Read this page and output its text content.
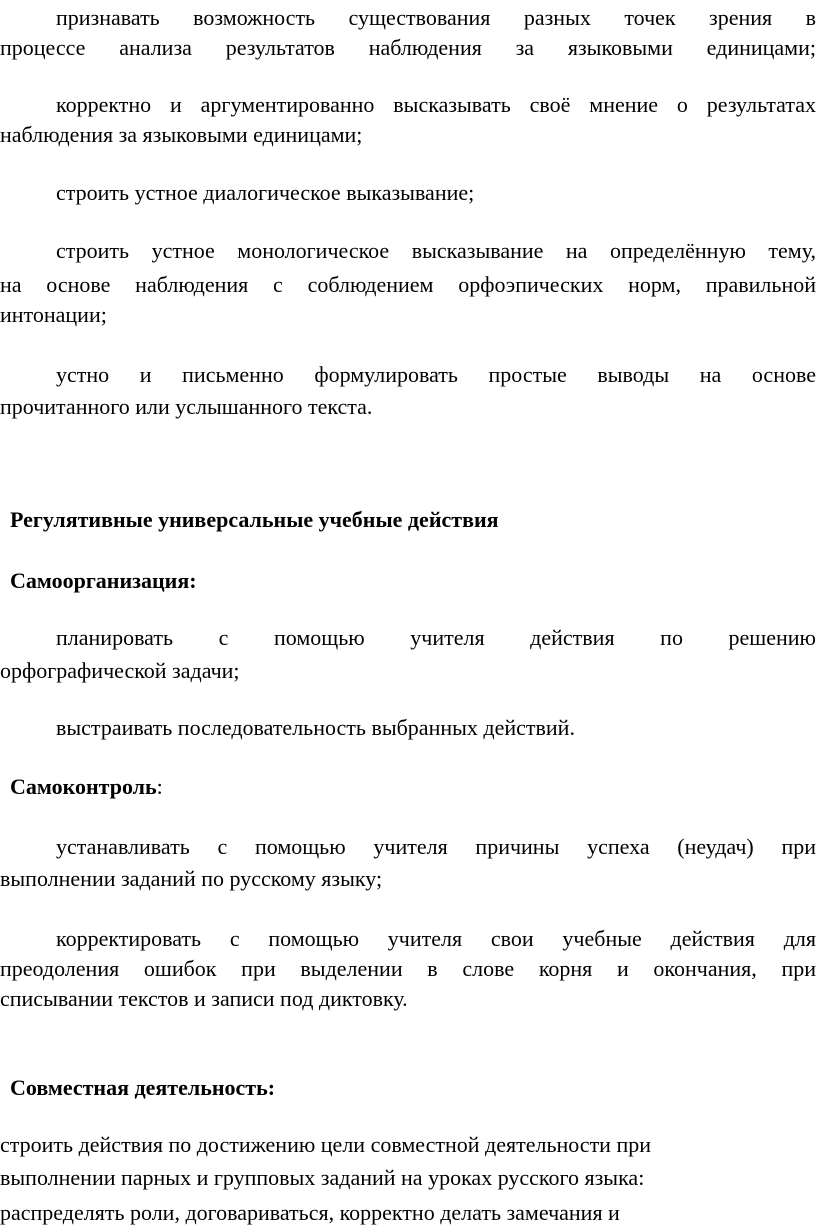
признавать возможность существования разных точек зрения в
процессе анализа результатов наблюдения за языковыми единицами;
корректно и аргументированно высказывать своё мнение о результатах
наблюдения за языковыми единицами;
строить устное диалогическое выказывание;
строить устное монологическое высказывание на определённую тему,
на основе наблюдения с соблюдением орфоэпических норм, правильной
интонации;
устно и письменно формулировать простые выводы на основе
прочитанного или услышанного текста.
Регулятивные универсальные учебные действия
Самоорганизация:
планировать с помощью учителя действия по решению
орфографической задачи;
выстраивать последовательность выбранных действий.
Самоконтроль:
устанавливать с помощью учителя причины успеха (неудач) при
выполнении заданий по русскому языку;
корректировать с помощью учителя свои учебные действия для
преодоления ошибок при выделении в слове корня и окончания, при
списывании текстов и записи под диктовку.
Совместная деятельность:
строить действия по достижению цели совместной деятельности при
выполнении парных и групповых заданий на уроках русского языка:
распределять роли, договариваться, корректно делать замечания и
